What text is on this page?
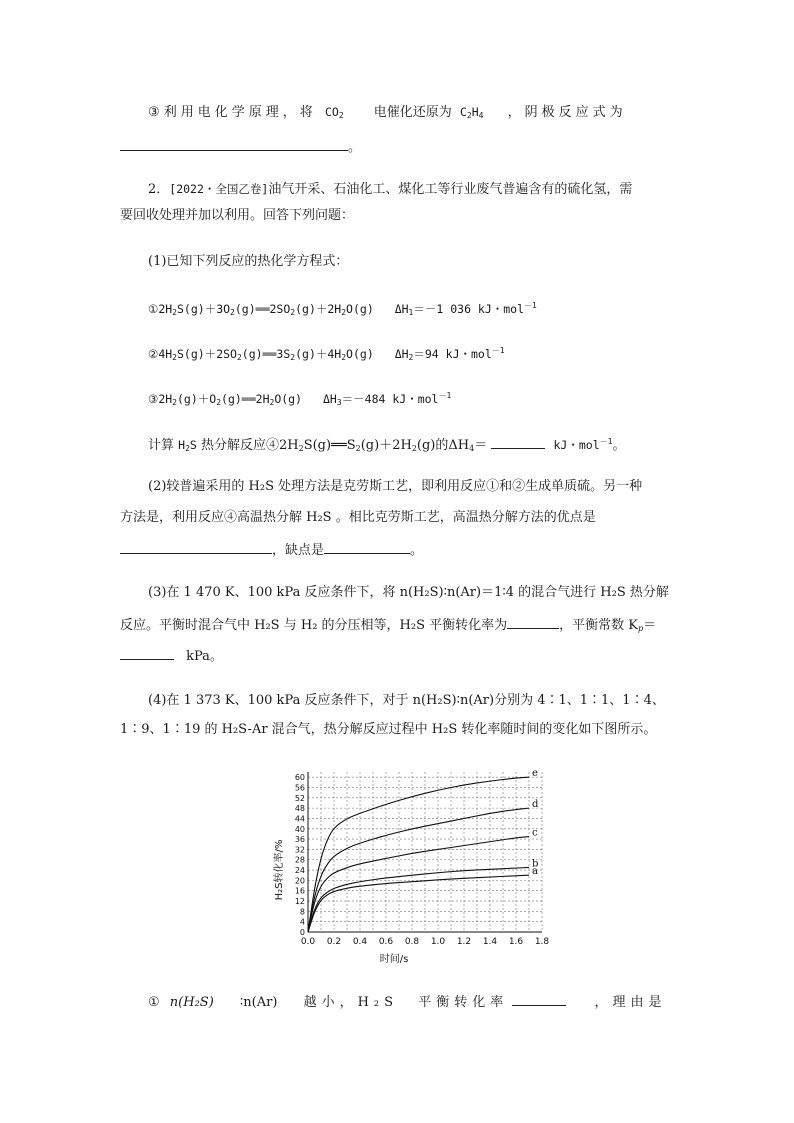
③ 利用电化学原理，将 $CO_2$ 电催化还原为 $C_2H_4$ ，阴极反应式为
。
2．[2022・全国乙卷]油气开采、石油化工、煤化工等行业废气普遍含有的硫化氢，需
要回收处理并加以利用。回答下列问题：
(1)已知下列反应的热化学方程式：
$①2H_2S(g)+3O_2(g)══2SO_2(g)+2H_2O(g)$ $\Delta H_1=-1$ 036 kJ・mol$^{-1}$
$②4H_2S(g)+2SO_2(g)══3S_2(g)+4H_2O(g)$ $\Delta H_2=94$ kJ・mol$^{-1}$
$③2H_2(g)+O_2(g)══2H_2O(g)$ $\Delta H_3=-484$ kJ・mol$^{-1}$
计算 $H_2S$ 热分解反应$④2H_2S(g)══S_2(g)+2H_2(g)$的$\Delta H_4=$	kJ・mol$^{-1}$。
(2)较普遍采用的 H₂S 处理方法是克劳斯工艺，即利用反应①和②生成单质硫。另一种
方法是，利用反应④高温热分解 H₂S 。相比克劳斯工艺，高温热分解方法的优点是
，缺点是	。
(3)在 1 470 K、100 kPa 反应条件下，将 n(H₂S)∶n(Ar)＝1∶4 的混合气进行 H₂S 热分解
反应。平衡时混合气中 H₂S 与 H₂ 的分压相等，H₂S 平衡转化率为	，平衡常数 $K_p=$
kPa。
(4)在 1 373 K、100 kPa 反应条件下，对于 n(H₂S)∶n(Ar)分别为 4∶1、1∶1、1∶4、
1∶9、1∶19 的 H₂S-Ar 混合气，热分解反应过程中 H₂S 转化率随时间的变化如下图所示。
0.0 0.2 0.4 0.6 0.8 1.0 1.2 1.4 1.6 1.8
0
4
8
12
16
20
24
28
32
36
40
44
48
52
56
60
a
b
c
d
e
时间/s
H₂S转化率/%
① n(H₂S) ∶n(Ar) 越小，H₂S 平衡转化率	，理由是
